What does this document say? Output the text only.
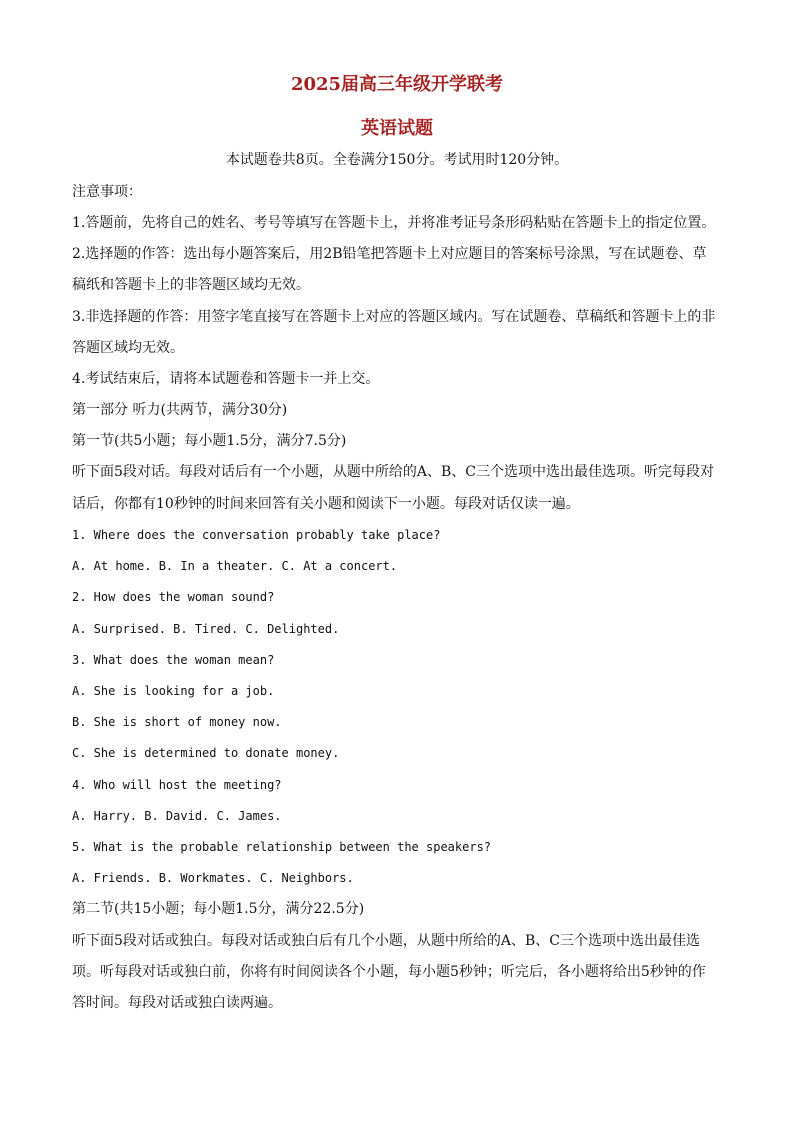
2025届高三年级开学联考
英语试题

本试题卷共8页。全卷满分150分。考试用时120分钟。

注意事项：

1.答题前，先将自己的姓名、考号等填写在答题卡上，并将准考证号条形码粘贴在答题卡上的指定位置。

2.选择题的作答：选出每小题答案后，用2B铅笔把答题卡上对应题目的答案标号涂黑，写在试题卷、草

稿纸和答题卡上的非答题区域均无效。

3.非选择题的作答：用签字笔直接写在答题卡上对应的答题区域内。写在试题卷、草稿纸和答题卡上的非

答题区域均无效。

4.考试结束后，请将本试题卷和答题卡一并上交。

第一部分 听力(共两节，满分30分)

第一节(共5小题；每小题1.5分，满分7.5分)

听下面5段对话。每段对话后有一个小题，从题中所给的A、B、C三个选项中选出最佳选项。听完每段对

话后，你都有10秒钟的时间来回答有关小题和阅读下一小题。每段对话仅读一遍。

1. Where does the conversation probably take place?

A. At home. B. In a theater. C. At a concert.

2. How does the woman sound?

A. Surprised. B. Tired. C. Delighted.

3. What does the woman mean?

A. She is looking for a job.

B. She is short of money now.

C. She is determined to donate money.

4. Who will host the meeting?

A. Harry. B. David. C. James.

5. What is the probable relationship between the speakers?

A. Friends. B. Workmates. C. Neighbors.

第二节(共15小题；每小题1.5分，满分22.5分)

听下面5段对话或独白。每段对话或独白后有几个小题，从题中所给的A、B、C三个选项中选出最佳选

项。听每段对话或独白前，你将有时间阅读各个小题，每小题5秒钟；听完后，各小题将给出5秒钟的作

答时间。每段对话或独白读两遍。
